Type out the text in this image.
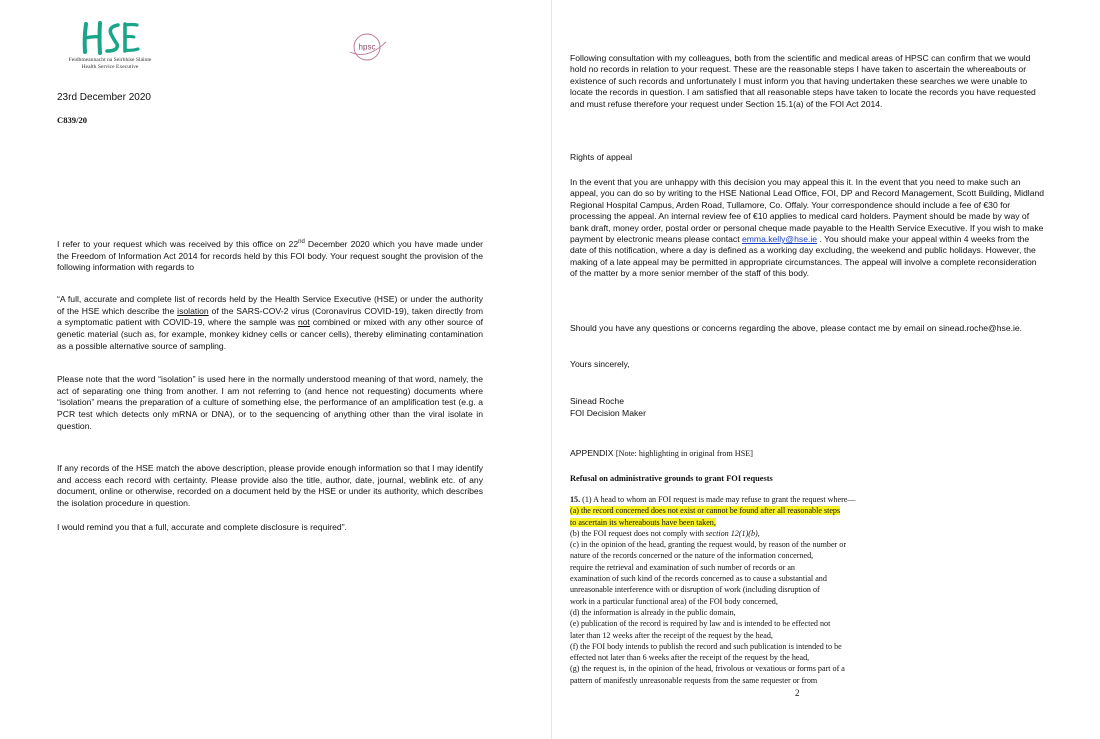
Feidhmeannacht na Seirbhíse Sláinte
Health Service Executive
hpsc
23rd December 2020
C839/20

I refer to your request which was received by this office on 22nd December 2020 which you have made under the Freedom of Information Act 2014 for records held by this FOI body. Your request sought the provision of the following information with regards to

“A full, accurate and complete list of records held by the Health Service Executive (HSE) or under the authority of the HSE which describe the isolation of the SARS-COV-2 virus (Coronavirus COVID-19), taken directly from a symptomatic patient with COVID-19, where the sample was not combined or mixed with any other source of genetic material (such as, for example, monkey kidney cells or cancer cells), thereby eliminating contamination as a possible alternative source of sampling.

Please note that the word “isolation” is used here in the normally understood meaning of that word, namely, the act of separating one thing from another. I am not referring to (and hence not requesting) documents where “isolation” means the preparation of a culture of something else, the performance of an amplification test (e.g. a PCR test which detects only mRNA or DNA), or to the sequencing of anything other than the viral isolate in question.

If any records of the HSE match the above description, please provide enough information so that I may identify and access each record with certainty. Please provide also the title, author, date, journal, weblink etc. of any document, online or otherwise, recorded on a document held by the HSE or under its authority, which describes the isolation procedure in question.

I would remind you that a full, accurate and complete disclosure is required”.

Following consultation with my colleagues, both from the scientific and medical areas of HPSC can confirm that we would hold no records in relation to your request. These are the reasonable steps I have taken to ascertain the whereabouts or existence of such records and unfortunately I must inform you that having undertaken these searches we were unable to locate the records in question. I am satisfied that all reasonable steps have taken to locate the records you have requested and must refuse therefore your request under Section 15.1(a) of the FOI Act 2014.

Rights of appeal

In the event that you are unhappy with this decision you may appeal this it. In the event that you need to make such an appeal, you can do so by writing to the HSE National Lead Office, FOI, DP and Record Management, Scott Building, Midland Regional Hospital Campus, Arden Road, Tullamore, Co. Offaly. Your correspondence should include a fee of €30 for processing the appeal. An internal review fee of €10 applies to medical card holders. Payment should be made by way of bank draft, money order, postal order or personal cheque made payable to the Health Service Executive. If you wish to make payment by electronic means please contact emma.kelly@hse.ie . You should make your appeal within 4 weeks from the date of this notification, where a day is defined as a working day excluding, the weekend and public holidays. However, the making of a late appeal may be permitted in appropriate circumstances. The appeal will involve a complete reconsideration of the matter by a more senior member of the staff of this body.

Should you have any questions or concerns regarding the above, please contact me by email on sinead.roche@hse.ie.

Yours sincerely,

Sinead Roche

FOI Decision Maker

APPENDIX [Note: highlighting in original from HSE]

Refusal on administrative grounds to grant FOI requests

15. (1) A head to whom an FOI request is made may refuse to grant the request where—
(a) the record concerned does not exist or cannot be found after all reasonable steps
to ascertain its whereabouts have been taken,
(b) the FOI request does not comply with section 12(1)(b),
(c) in the opinion of the head, granting the request would, by reason of the number or
nature of the records concerned or the nature of the information concerned,
require the retrieval and examination of such number of records or an
examination of such kind of the records concerned as to cause a substantial and
unreasonable interference with or disruption of work (including disruption of
work in a particular functional area) of the FOI body concerned,
(d) the information is already in the public domain,
(e) publication of the record is required by law and is intended to be effected not
later than 12 weeks after the receipt of the request by the head,
(f) the FOI body intends to publish the record and such publication is intended to be
effected not later than 6 weeks after the receipt of the request by the head,
(g) the request is, in the opinion of the head, frivolous or vexatious or forms part of a
pattern of manifestly unreasonable requests from the same requester or from
2
